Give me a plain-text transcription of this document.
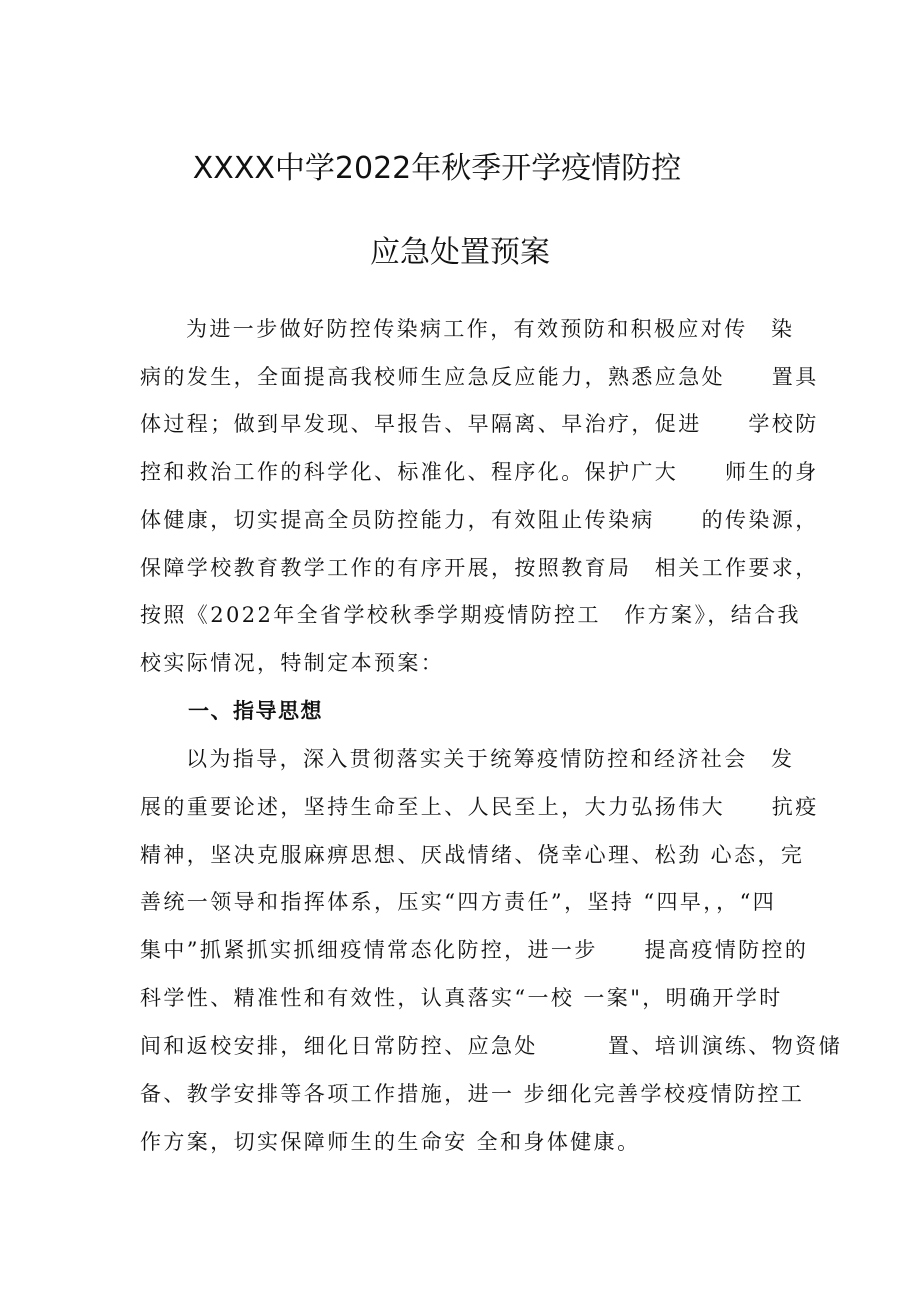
XXXX中学2022年秋季开学疫情防控
应急处置预案
为进一步做好防控传染病工作，有效预防和积极应对传　染
病的发生，全面提高我校师生应急反应能力，熟悉应急处　　置具
体过程；做到早发现、早报告、早隔离、早治疗，促进　　学校防
控和救治工作的科学化、标准化、程序化。保护广大　　师生的身
体健康，切实提高全员防控能力，有效阻止传染病　　的传染源，
保障学校教育教学工作的有序开展，按照教育局　相关工作要求，
按照《2022年全省学校秋季学期疫情防控工　作方案》，结合我
校实际情况，特制定本预案：
一、指导思想
以为指导，深入贯彻落实关于统筹疫情防控和经济社会　发
展的重要论述，坚持生命至上、人民至上，大力弘扬伟大　　抗疫
精神，坚决克服麻痹思想、厌战情绪、侥幸心理、松劲 心态，完
善统一领导和指挥体系，压实“四方责任”，坚持 “四早，，“四
集中”抓紧抓实抓细疫情常态化防控，进一步　　提高疫情防控的
科学性、精准性和有效性，认真落实“一校 一案"，明确开学时
间和返校安排，细化日常防控、应急处　　　置、培训演练、物资储
备、教学安排等各项工作措施，进一 步细化完善学校疫情防控工
作方案，切实保障师生的生命安 全和身体健康。
